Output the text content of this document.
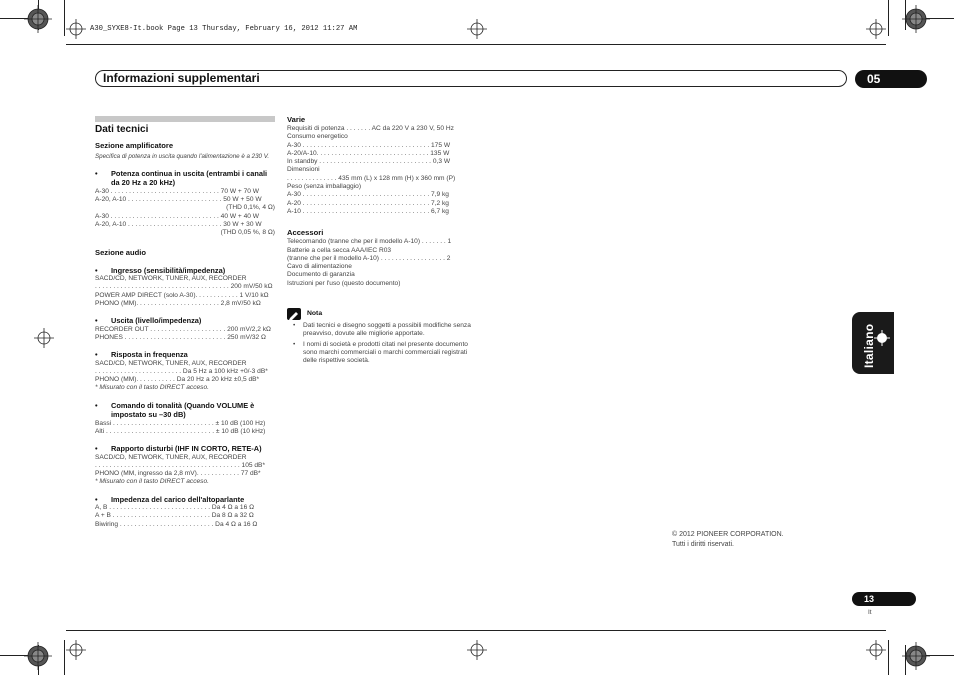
A30_SYXE8-It.book Page 13 Thursday, February 16, 2012 11:27 AM
Informazioni supplementari	05
Dati tecnici
Sezione amplificatore
Specifica di potenza in uscita quando l'alimentazione è a 230 V.
• Potenza continua in uscita (entrambi i canali da 20 Hz a 20 kHz)
A-30 . . . . . . . . . . . . . . . . . . . . . . . . . . . . . . 70 W + 70 W
A-20, A-10 . . . . . . . . . . . . . . . . . . . . . . . . . . 50 W + 50 W
(THD 0,1%, 4 Ω)
A-30 . . . . . . . . . . . . . . . . . . . . . . . . . . . . . . 40 W + 40 W
A-20, A-10 . . . . . . . . . . . . . . . . . . . . . . . . . . 30 W + 30 W
(THD 0,05 %, 8 Ω)
Sezione audio
• Ingresso (sensibilità/impedenza)
SACD/CD, NETWORK, TUNER, AUX, RECORDER
. . . . . . . . . . . . . . . . . . . . . . . . . . . . . . . . . . . . . 200 mV/50 kΩ
POWER AMP DIRECT (solo A-30). . . . . . . . . . . . 1 V/10 kΩ
PHONO (MM). . . . . . . . . . . . . . . . . . . . . . . 2,8 mV/50 kΩ
• Uscita (livello/impedenza)
RECORDER OUT . . . . . . . . . . . . . . . . . . . . . 200 mV/2,2 kΩ
PHONES . . . . . . . . . . . . . . . . . . . . . . . . . . . . 250 mV/32 Ω
• Risposta in frequenza
SACD/CD, NETWORK, TUNER, AUX, RECORDER
. . . . . . . . . . . . . . . . . . . . . . . . Da 5 Hz a 100 kHz +0/-3 dB*
PHONO (MM). . . . . . . . . . . Da 20 Hz a 20 kHz ±0,5 dB*
* Misurato con il tasto DIRECT acceso.
• Comando di tonalità (Quando VOLUME è impostato su –30 dB)
Bassi . . . . . . . . . . . . . . . . . . . . . . . . . . . . ± 10 dB (100 Hz)
Alti . . . . . . . . . . . . . . . . . . . . . . . . . . . . . . ± 10 dB (10 kHz)
• Rapporto disturbi (IHF IN CORTO, RETE-A)
SACD/CD, NETWORK, TUNER, AUX, RECORDER
. . . . . . . . . . . . . . . . . . . . . . . . . . . . . . . . . . . . . . . . 105 dB*
PHONO (MM, ingresso da 2,8 mV). . . . . . . . . . . . 77 dB*
* Misurato con il tasto DIRECT acceso.
• Impedenza del carico dell'altoparlante
A, B . . . . . . . . . . . . . . . . . . . . . . . . . . . . Da 4 Ω a 16 Ω
A + B . . . . . . . . . . . . . . . . . . . . . . . . . . . Da 8 Ω a 32 Ω
Biwiring . . . . . . . . . . . . . . . . . . . . . . . . . . Da 4 Ω a 16 Ω
Varie
Requisiti di potenza . . . . . . . AC da 220 V a 230 V, 50 Hz
Consumo energetico
A-30 . . . . . . . . . . . . . . . . . . . . . . . . . . . . . . . . . . . 175 W
A-20/A-10. . . . . . . . . . . . . . . . . . . . . . . . . . . . . . . 135 W
In standby . . . . . . . . . . . . . . . . . . . . . . . . . . . . . . . 0,3 W
Dimensioni
. . . . . . . . . . . . . . 435 mm (L) x 128 mm (H) x 360 mm (P)
Peso (senza imballaggio)
A-30 . . . . . . . . . . . . . . . . . . . . . . . . . . . . . . . . . . . 7,9 kg
A-20 . . . . . . . . . . . . . . . . . . . . . . . . . . . . . . . . . . . 7,2 kg
A-10 . . . . . . . . . . . . . . . . . . . . . . . . . . . . . . . . . . . 6,7 kg
Accessori
Telecomando (tranne che per il modello A-10) . . . . . . . 1
Batterie a cella secca AAA/IEC R03
(tranne che per il modello A-10) . . . . . . . . . . . . . . . . . . 2
Cavo di alimentazione
Documento di garanzia
Istruzioni per l'uso (questo documento)
Nota
• Dati tecnici e disegno soggetti a possibili modifiche senza preavviso, dovute alle migliorie apportate.
• I nomi di società e prodotti citati nel presente documento sono marchi commerciali o marchi commerciali registrati delle rispettive società.	Italiano
© 2012 PIONEER CORPORATION.
Tutti i diritti riservati.
13
It
